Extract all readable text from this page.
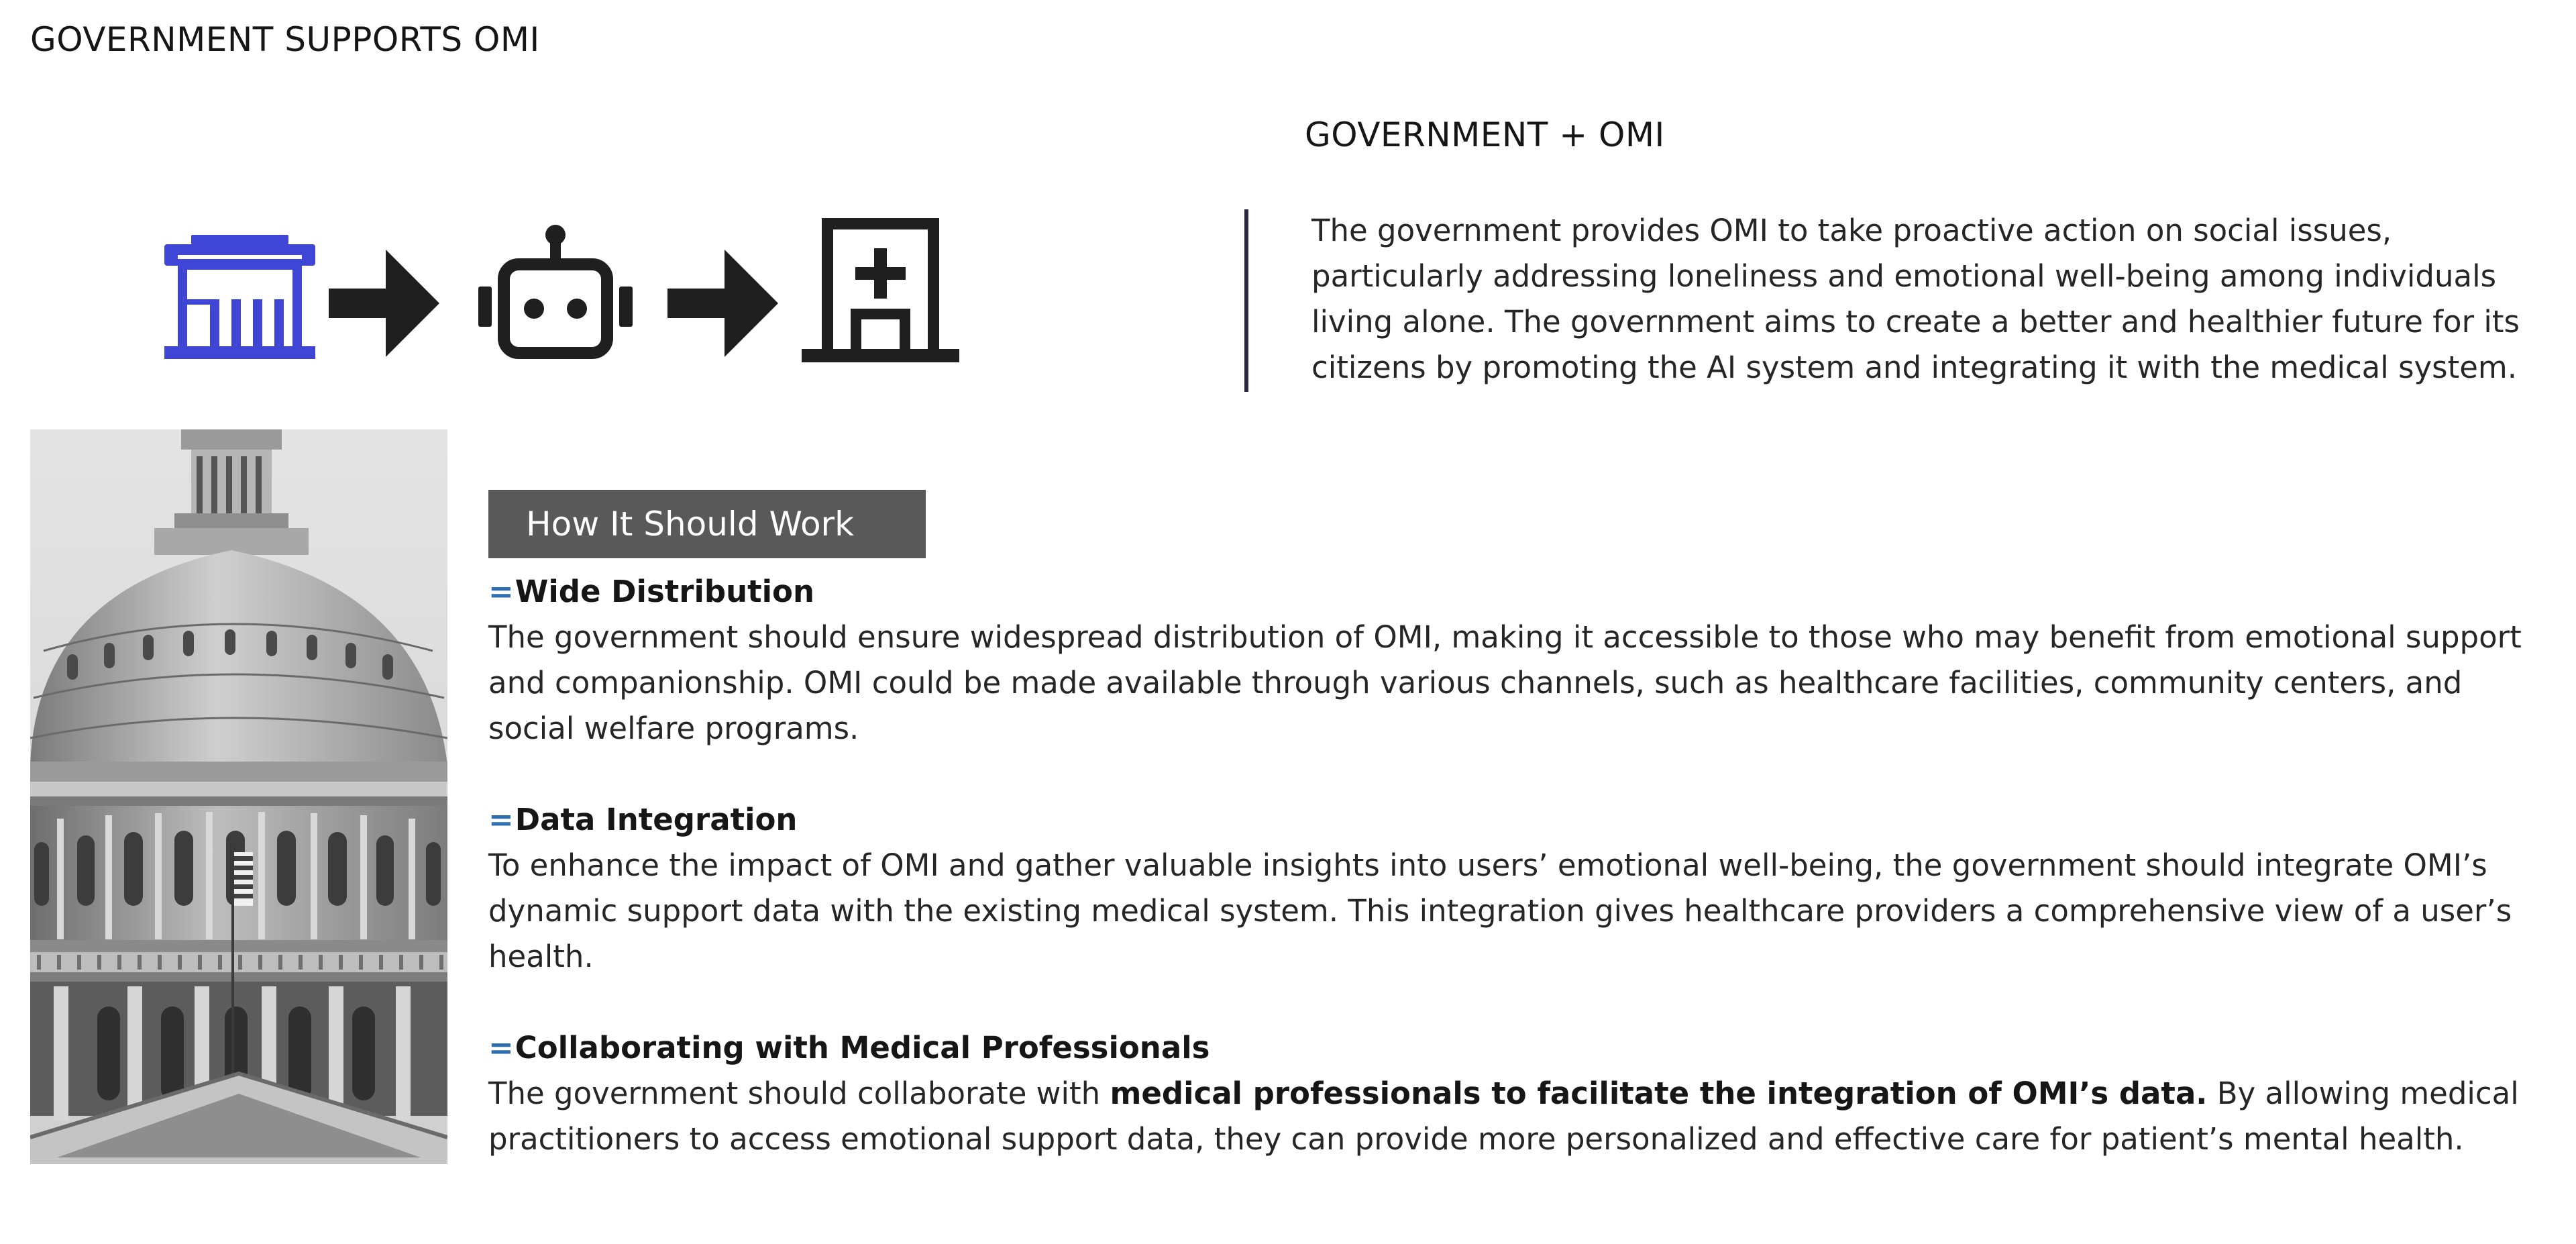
GOVERNMENT SUPPORTS OMI
GOVERNMENT + OMI
The government provides OMI to take proactive action on social issues, particularly addressing loneliness and emotional well-being among individuals living alone. The government aims to create a better and healthier future for its citizens by promoting the AI system and integrating it with the medical system.
How It Should Work
=Wide Distribution
The government should ensure widespread distribution of OMI, making it accessible to those who may benefit from emotional support and companionship. OMI could be made available through various channels, such as healthcare facilities, community centers, and social welfare programs.
=Data Integration
To enhance the impact of OMI and gather valuable insights into users’ emotional well-being, the government should integrate OMI’s dynamic support data with the existing medical system. This integration gives healthcare providers a comprehensive view of a user’s health.
=Collaborating with Medical Professionals
The government should collaborate with medical professionals to facilitate the integration of OMI’s data. By allowing medical practitioners to access emotional support data, they can provide more personalized and effective care for patient’s mental health.
